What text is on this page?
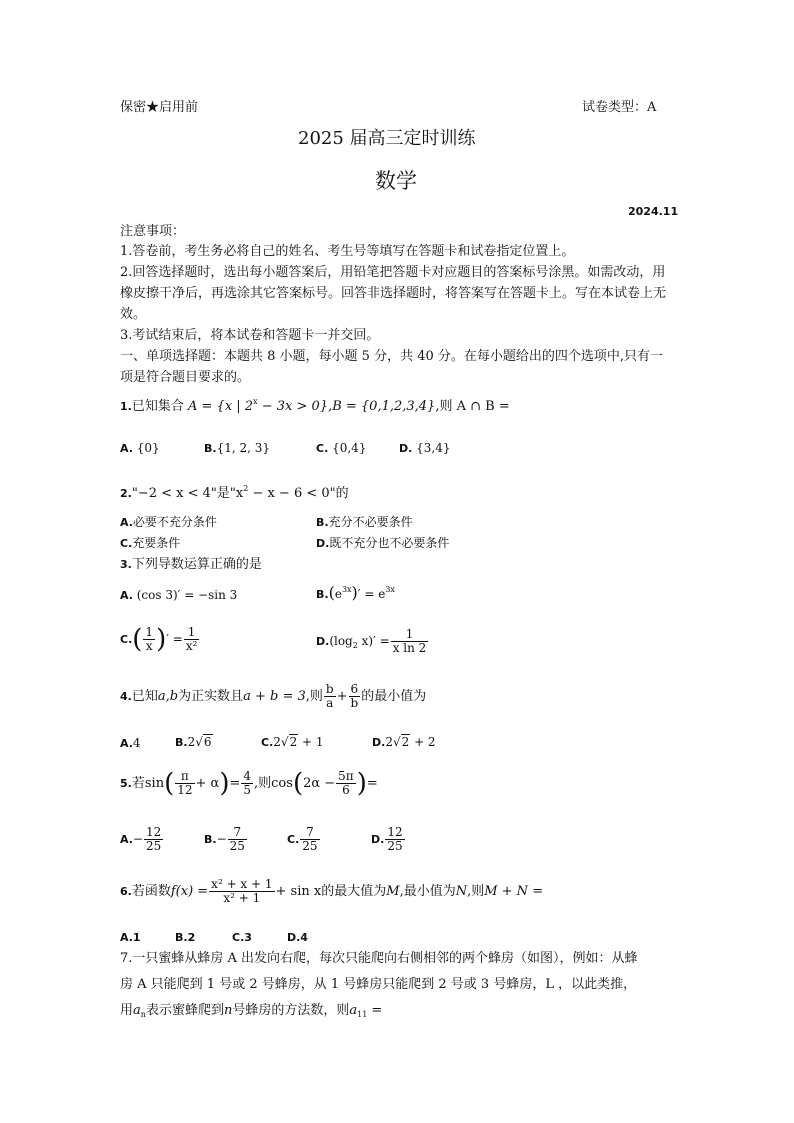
保密★启用前	试卷类型：A
2025 届高三定时训练
数学
2024.11
注意事项：
1.答卷前，考生务必将自己的姓名、考生号等填写在答题卡和试卷指定位置上。
2.回答选择题时，选出每小题答案后，用铅笔把答题卡对应题目的答案标号涂黑。如需改动，用橡皮擦干净后，再选涂其它答案标号。回答非选择题时，将答案写在答题卡上。写在本试卷上无效。
3.考试结束后，将本试卷和答题卡一并交回。
一、单项选择题：本题共 8 小题，每小题 5 分，共 40 分。在每小题给出的四个选项中,只有一项是符合题目要求的。
1.已知集合 A = {x | $2^x - 3x > 0\},B = \{0,1,2,3,4\}$,则 A ∩ B =
A. {0}	B.{1, 2, 3}	C. {0,4}	D. {3,4}
2."−2 < x < 4"是"$x^2 - x - 6 < 0$"的
A.必要不充分条件	B.充分不必要条件
C.充要条件	D.既不充分也不必要条件
3.下列导数运算正确的是
A. (cos 3)′ = −sin 3	$B.(e^{3x})' = e^{3x}$
$C.( \frac{1}{x}$ )′ = $\frac{1}{\text{x²}}$	$D.(\log_2$ $x)' = \frac{1}{\text{x ln 2}}$
4.已知a,b为正实数且a + b = 3,则 $\frac{b}{a} + \frac{6}{b}$ 的最小值为
A.4	B.2√6	C.2√2 + 1	D.2√2 + 2
5.若$\sin( \frac{\pi}{12} + \alpha)= \frac{4}{5}$ ,则$\cos(2\alpha - \frac{5\pi}{6}$ )=
$A.- \frac{12}{25}$	$B.- \frac{7}{25}$	C. $\frac{7}{25}$	D. $\frac{12}{25}$
6.若函数$f(x) = \frac{\text{x² + x + 1}}{\text{x² + 1}} + \sin x$的最大值为M,最小值为N,则M + N =
A.1	B.2	C.3	D.4
7.一只蜜蜂从蜂房 A 出发向右爬，每次只能爬向右侧相邻的两个蜂房（如图），例如：从蜂
房 A 只能爬到 1 号或 2 号蜂房，从 1 号蜂房只能爬到 2 号或 3 号蜂房，L ，以此类推，
用$a_n$表示蜜蜂爬到n号蜂房的方法数，则$a_{11}$ =
